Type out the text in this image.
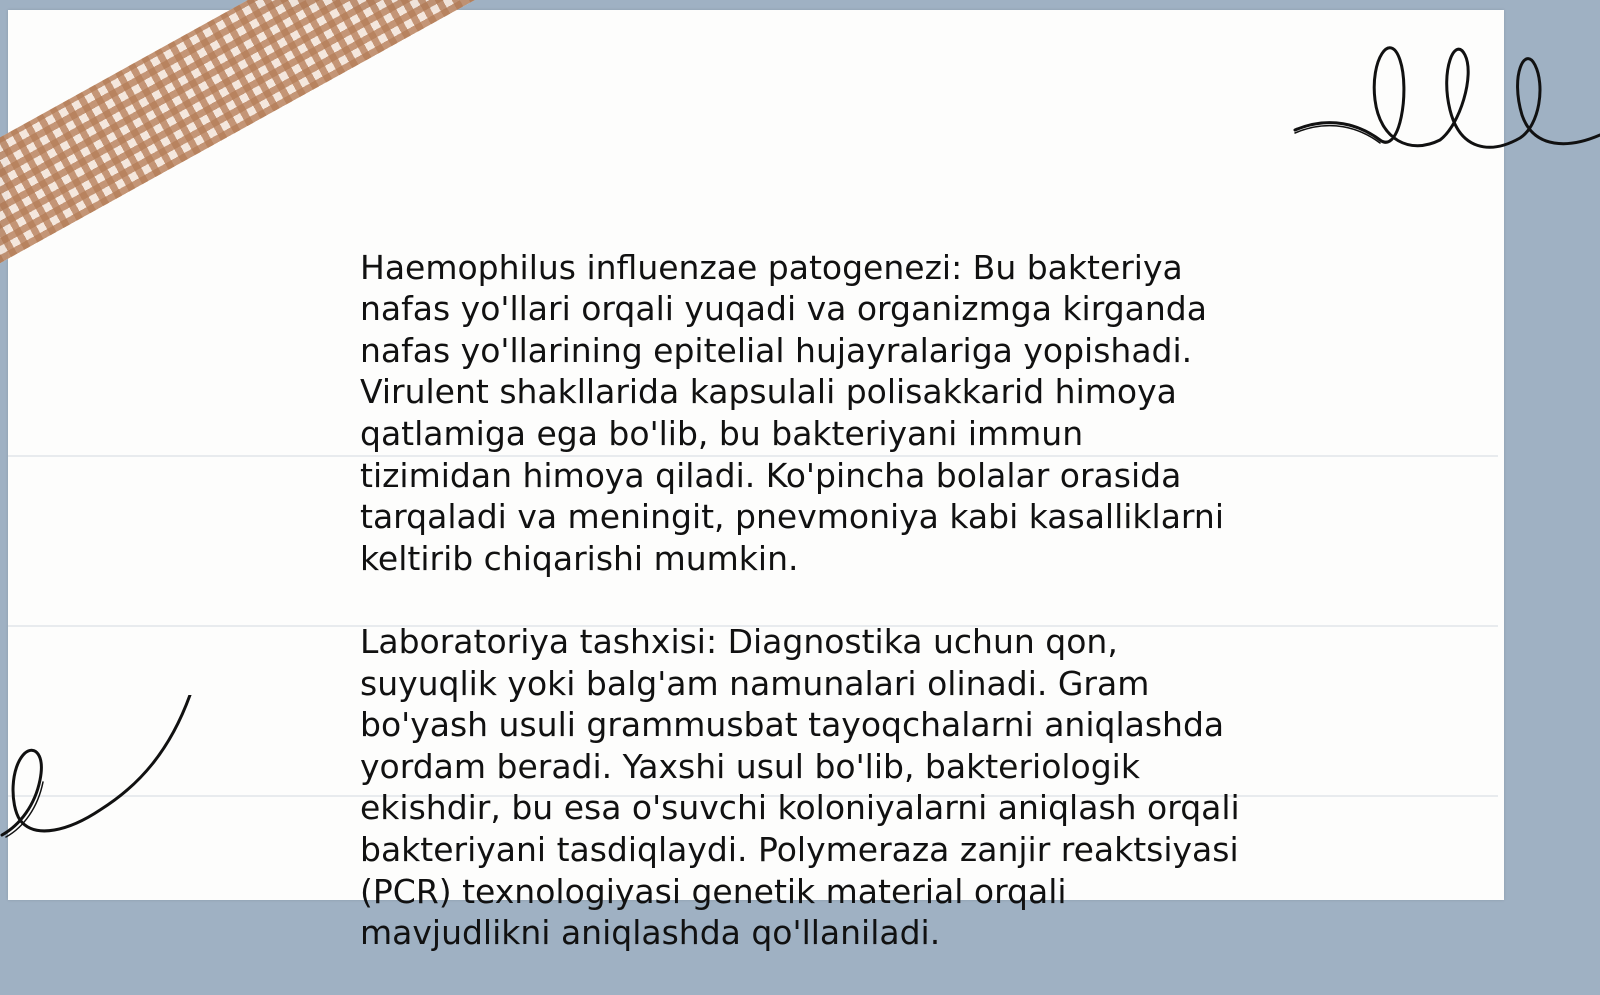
Haemophilus influenzae patogenezi: Bu bakteriya nafas yo'llari orqali yuqadi va organizmga kirganda nafas yo'llarining epitelial hujayralariga yopishadi. Virulent shakllarida kapsulali polisakkarid himoya qatlamiga ega bo'lib, bu bakteriyani immun tizimidan himoya qiladi. Ko'pincha bolalar orasida tarqaladi va meningit, pnevmoniya kabi kasalliklarni keltirib chiqarishi mumkin.

Laboratoriya tashxisi: Diagnostika uchun qon, suyuqlik yoki balg'am namunalari olinadi. Gram bo'yash usuli grammusbat tayoqchalarni aniqlashda yordam beradi. Yaxshi usul bo'lib, bakteriologik ekishdir, bu esa o'suvchi koloniyalarni aniqlash orqali bakteriyani tasdiqlaydi. Polymeraza zanjir reaktsiyasi (PCR) texnologiyasi genetik material orqali mavjudlikni aniqlashda qo'llaniladi.
